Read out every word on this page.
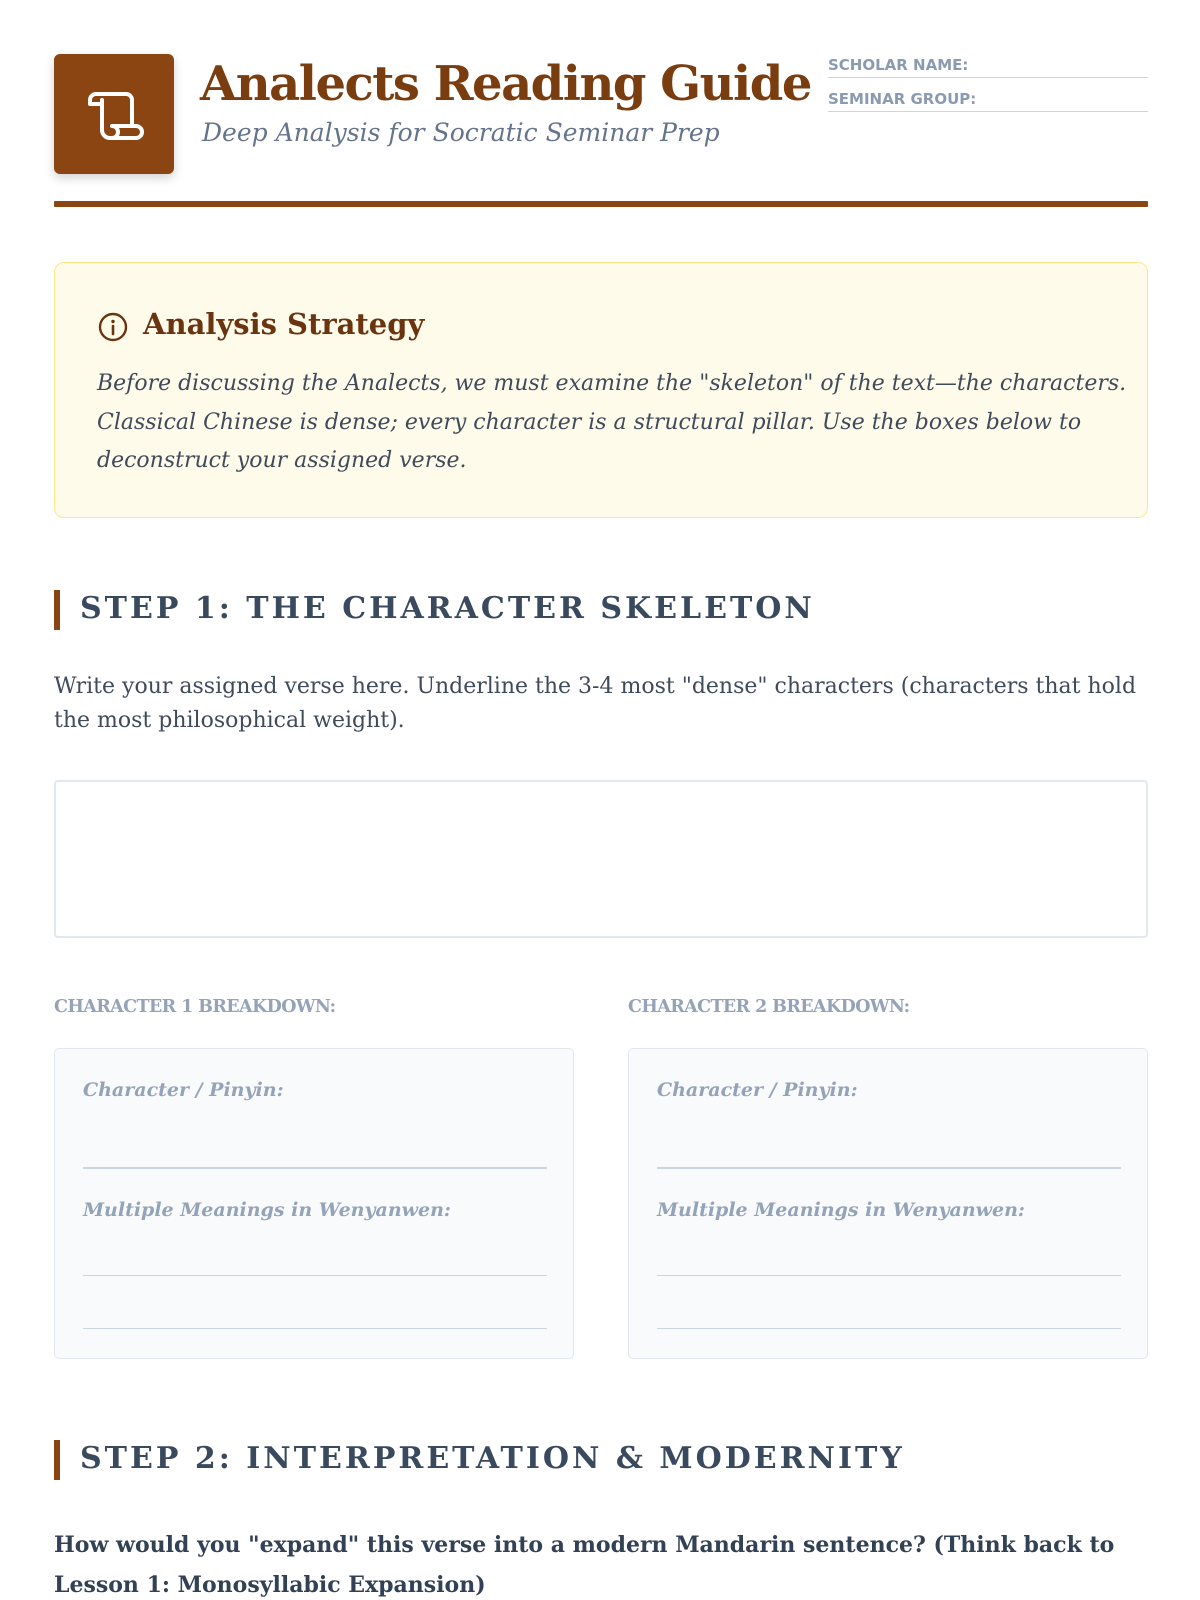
Analects Reading Guide
Deep Analysis for Socratic Seminar Prep
SCHOLAR NAME:
SEMINAR GROUP:
Analysis Strategy
Before discussing the Analects, we must examine the "skeleton" of the text—the characters. Classical Chinese is dense; every character is a structural pillar. Use the boxes below to deconstruct your assigned verse.
STEP 1: THE CHARACTER SKELETON
Write your assigned verse here. Underline the 3-4 most "dense" characters (characters that hold the most philosophical weight).
CHARACTER 1 BREAKDOWN:	CHARACTER 2 BREAKDOWN:
Character / Pinyin:
Multiple Meanings in Wenyanwen:
Character / Pinyin:
Multiple Meanings in Wenyanwen:
STEP 2: INTERPRETATION & MODERNITY
How would you "expand" this verse into a modern Mandarin sentence? (Think back to Lesson 1: Monosyllabic Expansion)
